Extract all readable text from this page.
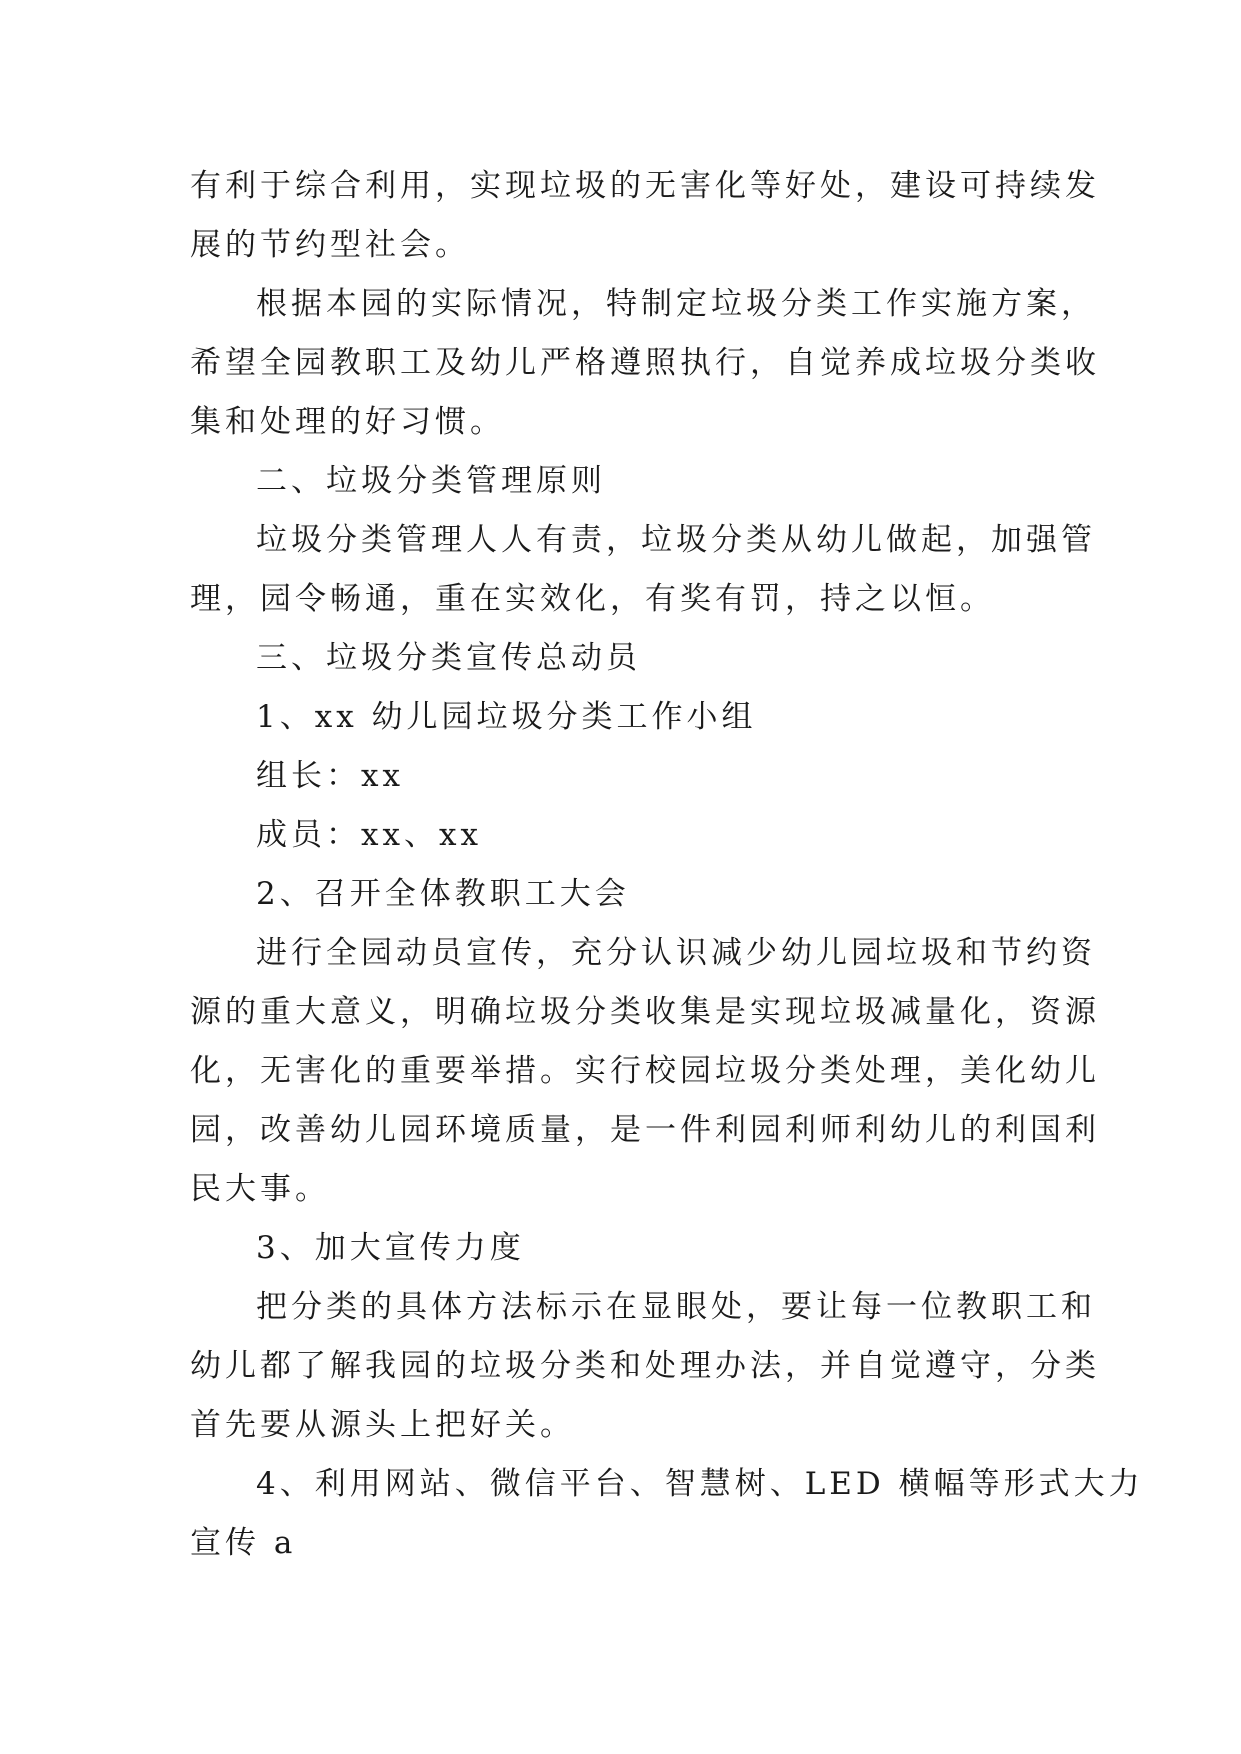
有利于综合利用，实现垃圾的无害化等好处，建设可持续发
展的节约型社会。

根据本园的实际情况，特制定垃圾分类工作实施方案，
希望全园教职工及幼儿严格遵照执行，自觉养成垃圾分类收
集和处理的好习惯。

二、垃圾分类管理原则

垃圾分类管理人人有责，垃圾分类从幼儿做起，加强管
理，园令畅通，重在实效化，有奖有罚，持之以恒。

三、垃圾分类宣传总动员

1、xx 幼儿园垃圾分类工作小组

组长：xx

成员：xx、xx

2、召开全体教职工大会

进行全园动员宣传，充分认识减少幼儿园垃圾和节约资
源的重大意义，明确垃圾分类收集是实现垃圾减量化，资源
化，无害化的重要举措。实行校园垃圾分类处理，美化幼儿
园，改善幼儿园环境质量，是一件利园利师利幼儿的利国利
民大事。

3、加大宣传力度

把分类的具体方法标示在显眼处，要让每一位教职工和
幼儿都了解我园的垃圾分类和处理办法，并自觉遵守，分类
首先要从源头上把好关。

4、利用网站、微信平台、智慧树、LED 横幅等形式大力
宣传 a
